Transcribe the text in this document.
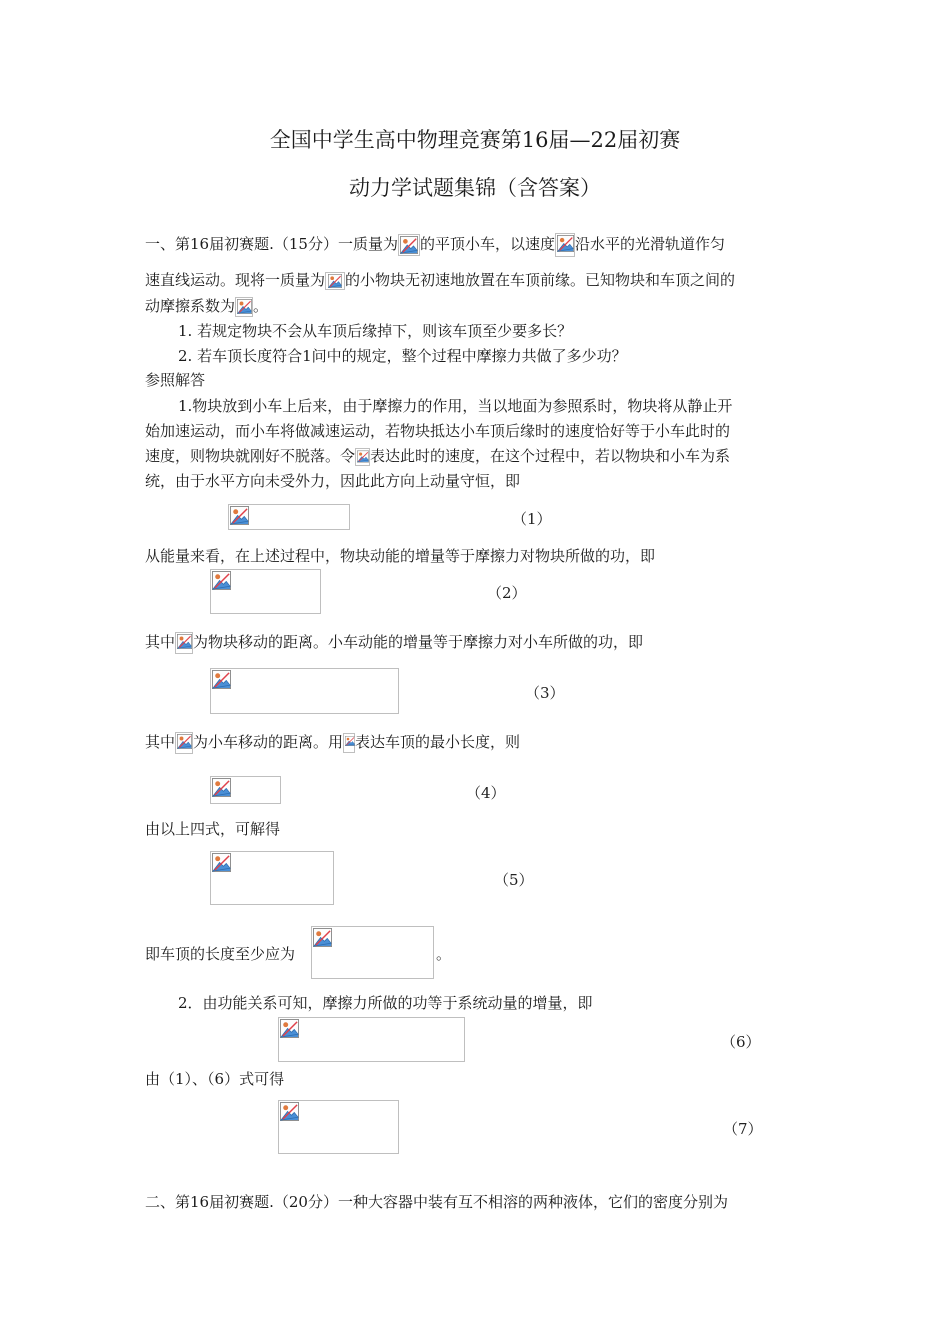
全国中学生高中物理竞赛第16届—22届初赛
动力学试题集锦（含答案）
一、第16届初赛题.（15分）一质量为 的平顶小车，以速度 沿水平的光滑轨道作匀
速直线运动。现将一质量为 的小物块无初速地放置在车顶前缘。已知物块和车顶之间的
动摩擦系数为 。
1. 若规定物块不会从车顶后缘掉下，则该车顶至少要多长？
2. 若车顶长度符合1问中的规定，整个过程中摩擦力共做了多少功？
参照解答
1.物块放到小车上后来，由于摩擦力的作用，当以地面为参照系时，物块将从静止开
始加速运动，而小车将做减速运动，若物块抵达小车顶后缘时的速度恰好等于小车此时的
速度，则物块就刚好不脱落。令 表达此时的速度，在这个过程中，若以物块和小车为系
统，由于水平方向未受外力，因此此方向上动量守恒，即
（1）
从能量来看，在上述过程中，物块动能的增量等于摩擦力对物块所做的功，即
（2）
其中 为物块移动的距离。小车动能的增量等于摩擦力对小车所做的功，即
（3）
其中 为小车移动的距离。用 表达车顶的最小长度，则
（4）
由以上四式，可解得
（5）
即车顶的长度至少应为	。
2．由功能关系可知，摩擦力所做的功等于系统动量的增量，即
（6）
由（1）、（6）式可得
（7）
二、第16届初赛题.（20分）一种大容器中装有互不相溶的两种液体，它们的密度分别为
